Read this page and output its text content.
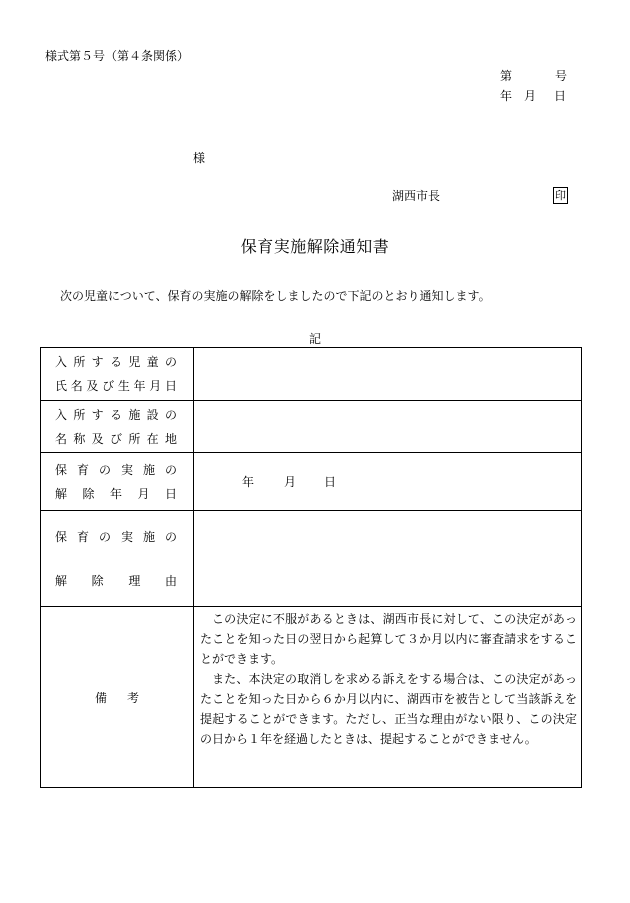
様式第５号（第４条関係）
第	号
年 月 日
様
湖西市長	印
保育実施解除通知書
次の児童について、保育の実施の解除をしましたので下記のとおり通知します。
記
入所する児童の
氏名及び生年月日	

入所する施設の
名称及び所在地	

保育の実施の
解除年月日	年 月 日

保育の実施の
解除理由	

備考	この決定に不服があるときは、湖西市長に対して、この決定があったことを知った日の翌日から起算して３か月以内に審査請求をすることができます。

また、本決定の取消しを求める訴えをする場合は、この決定があったことを知った日から６か月以内に、湖西市を被告として当該訴えを提起することができます。ただし、正当な理由がない限り、この決定の日から１年を経過したときは、提起することができません。
